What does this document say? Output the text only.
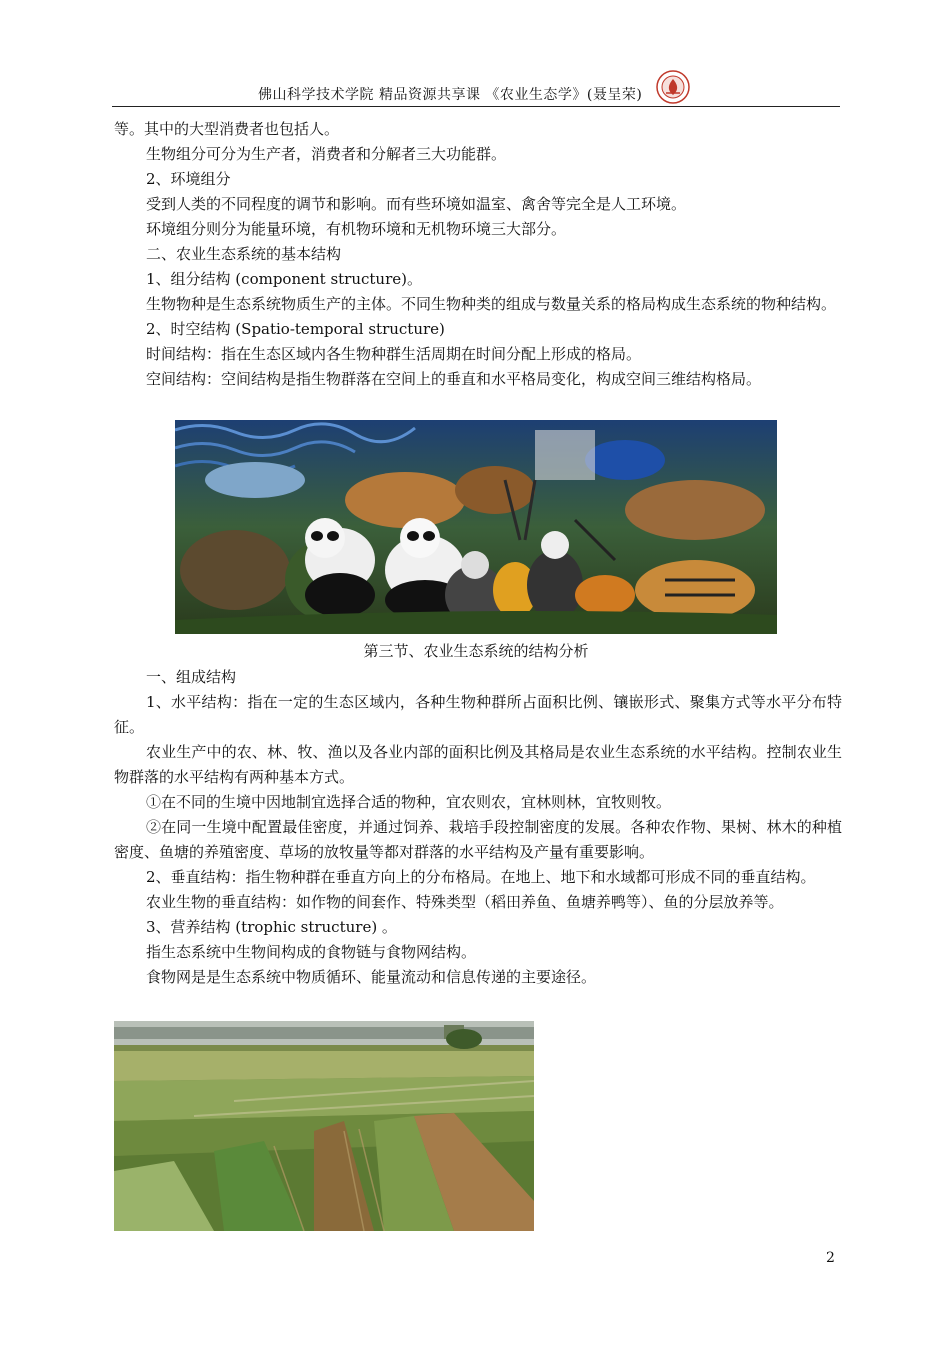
佛山科学技术学院 精品资源共享课 《农业生态学》(聂呈荣)

等。其中的大型消费者也包括人。

生物组分可分为生产者，消费者和分解者三大功能群。

2、环境组分

受到人类的不同程度的调节和影响。而有些环境如温室、禽舍等完全是人工环境。

环境组分则分为能量环境，有机物环境和无机物环境三大部分。

二、农业生态系统的基本结构

1、组分结构 (component structure)。

生物物种是生态系统物质生产的主体。不同生物种类的组成与数量关系的格局构成生态系统的物种结构。

2、时空结构 (Spatio-temporal structure)

时间结构：指在生态区域内各生物种群生活周期在时间分配上形成的格局。

空间结构：空间结构是指生物群落在空间上的垂直和水平格局变化，构成空间三维结构格局。

第三节、农业生态系统的结构分析

一、组成结构

1、水平结构：指在一定的生态区域内，各种生物种群所占面积比例、镶嵌形式、聚集方式等水平分布特征。

农业生产中的农、林、牧、渔以及各业内部的面积比例及其格局是农业生态系统的水平结构。控制农业生物群落的水平结构有两种基本方式。

①在不同的生境中因地制宜选择合适的物种，宜农则农，宜林则林，宜牧则牧。

②在同一生境中配置最佳密度，并通过饲养、栽培手段控制密度的发展。各种农作物、果树、林木的种植密度、鱼塘的养殖密度、草场的放牧量等都对群落的水平结构及产量有重要影响。

2、垂直结构：指生物种群在垂直方向上的分布格局。在地上、地下和水域都可形成不同的垂直结构。

农业生物的垂直结构：如作物的间套作、特殊类型（稻田养鱼、鱼塘养鸭等）、鱼的分层放养等。

3、营养结构 (trophic structure) 。

指生态系统中生物间构成的食物链与食物网结构。

食物网是是生态系统中物质循环、能量流动和信息传递的主要途径。

2
